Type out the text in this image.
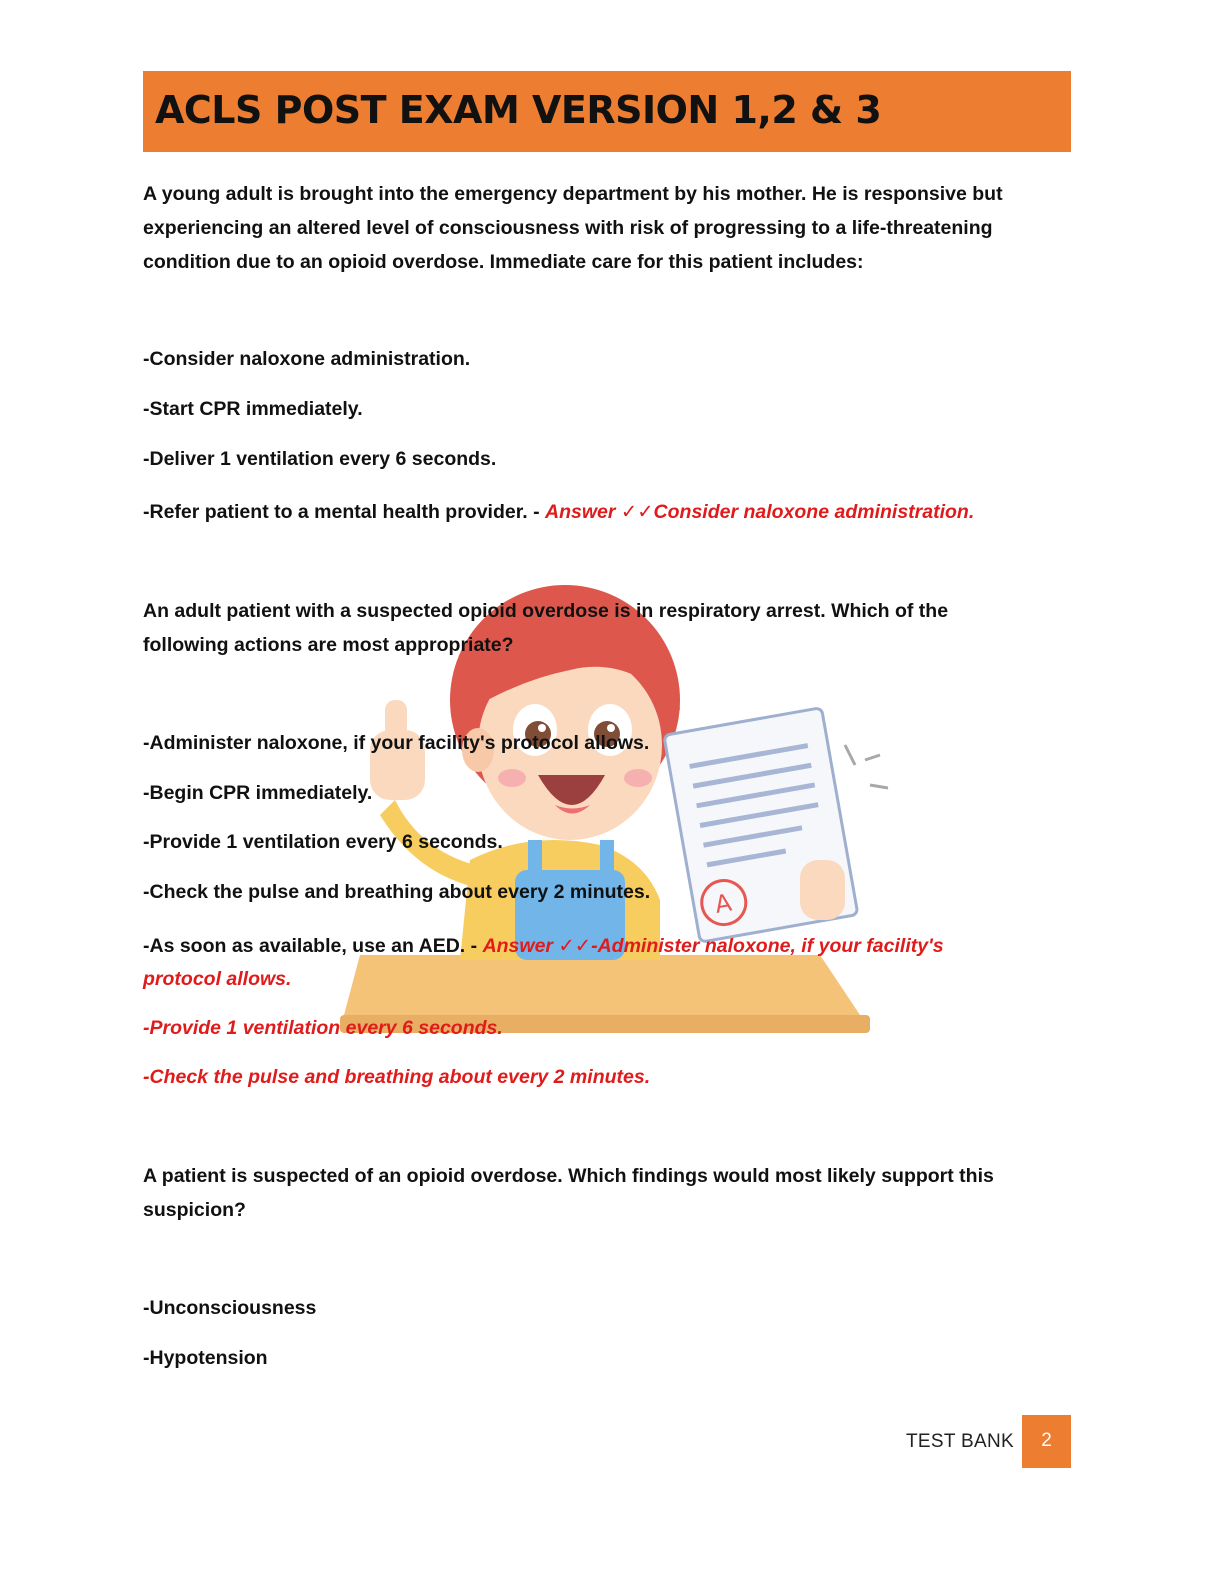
ACLS POST EXAM VERSION 1,2 & 3
A
A young adult is brought into the emergency department by his mother. He is responsive but
experiencing an altered level of consciousness with risk of progressing to a life-threatening
condition due to an opioid overdose. Immediate care for this patient includes:
-Consider naloxone administration.
-Start CPR immediately.
-Deliver 1 ventilation every 6 seconds.
-Refer patient to a mental health provider. - Answer ✓✓Consider naloxone administration.
An adult patient with a suspected opioid overdose is in respiratory arrest. Which of the
following actions are most appropriate?
-Administer naloxone, if your facility's protocol allows.
-Begin CPR immediately.
-Provide 1 ventilation every 6 seconds.
-Check the pulse and breathing about every 2 minutes.
-As soon as available, use an AED. - Answer ✓✓-Administer naloxone, if your facility's
protocol allows.
-Provide 1 ventilation every 6 seconds.
-Check the pulse and breathing about every 2 minutes.
A patient is suspected of an opioid overdose. Which findings would most likely support this
suspicion?
-Unconsciousness
-Hypotension
TEST BANK	2
